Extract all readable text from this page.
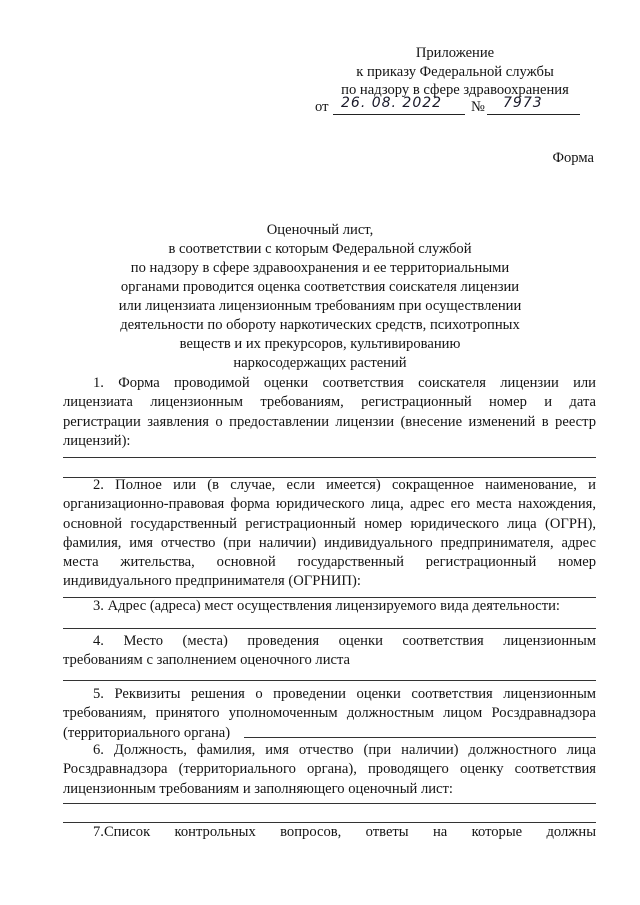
Приложение
к приказу Федеральной службы
по надзору в сфере здравоохранения
от 26. 08. 2022 № 7973
Форма
Оценочный лист,
в соответствии с которым Федеральной службой
по надзору в сфере здравоохранения и ее территориальными
органами проводится оценка соответствия соискателя лицензии
или лицензиата лицензионным требованиям при осуществлении
деятельности по обороту наркотических средств, психотропных
веществ и их прекурсоров, культивированию
наркосодержащих растений
1. Форма проводимой оценки соответствия соискателя лицензии или
лицензиата лицензионным требованиям, регистрационный номер и дата
регистрации заявления о предоставлении лицензии (внесение изменений в реестр
лицензий):
2. Полное или (в случае, если имеется) сокращенное наименование, и
организационно-правовая форма юридического лица, адрес его места нахождения,
основной государственный регистрационный номер юридического лица (ОГРН),
фамилия, имя отчество (при наличии) индивидуального предпринимателя, адрес
места жительства, основной государственный регистрационный номер
индивидуального предпринимателя (ОГРНИП):
3. Адрес (адреса) мест осуществления лицензируемого вида деятельности:
4. Место (места) проведения оценки соответствия лицензионным
требованиям с заполнением оценочного листа
5. Реквизиты решения о проведении оценки соответствия лицензионным
требованиям, принятого уполномоченным должностным лицом Росздравнадзора
(территориального органа)
6. Должность, фамилия, имя отчество (при наличии) должностного лица
Росздравнадзора (территориального органа), проводящего оценку соответствия
лицензионным требованиям и заполняющего оценочный лист:
7.Список контрольных вопросов, ответы на которые должны
